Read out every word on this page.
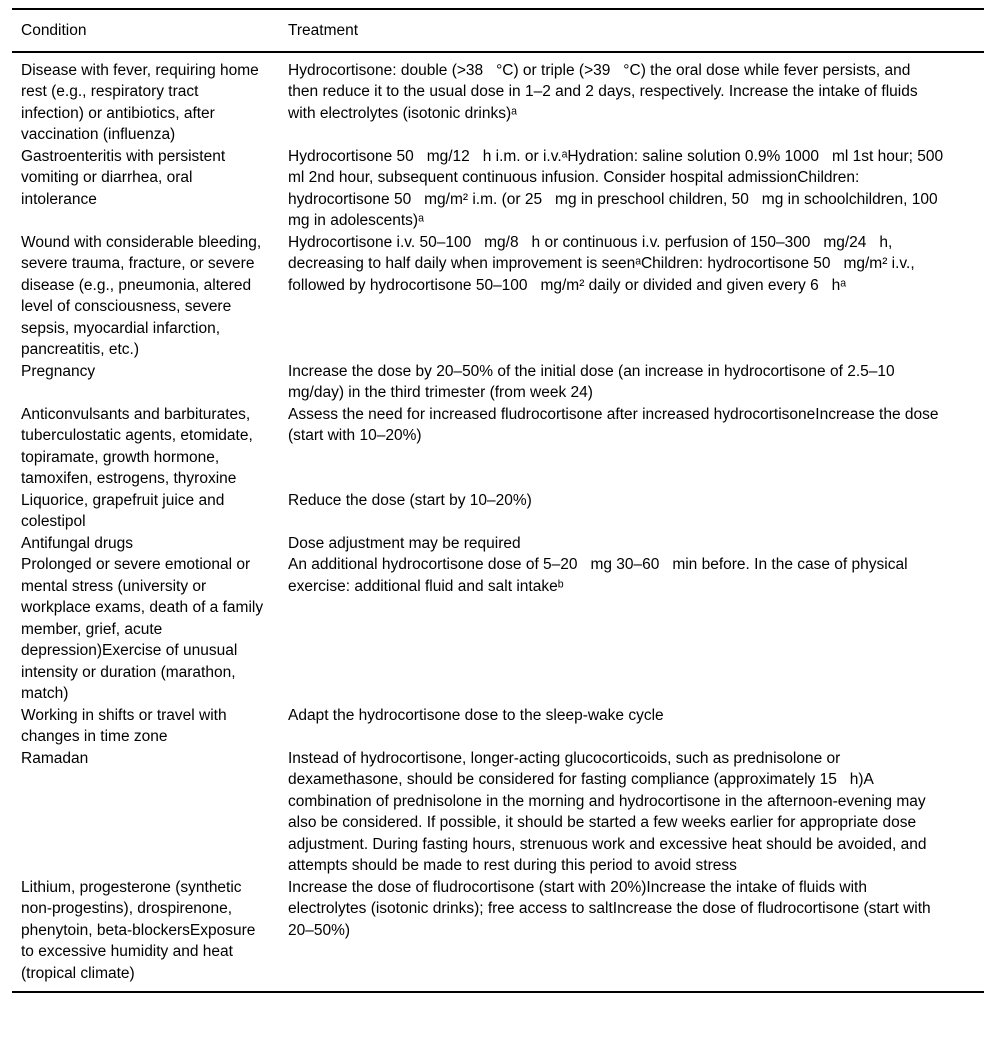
Condition	Treatment
Disease with fever, requiring home rest (e.g., respiratory tract infection) or antibiotics, after vaccination (influenza)	Hydrocortisone: double (>38   °C) or triple (>39   °C) the oral dose while fever persists, and then reduce it to the usual dose in 1–2 and 2 days, respectively. Increase the intake of fluids with electrolytes (isotonic drinks)ᵃ
Gastroenteritis with persistent vomiting or diarrhea, oral intolerance	Hydrocortisone 50   mg/12   h i.m. or i.v.ᵃHydration: saline solution 0.9% 1000   ml 1st hour; 500   ml 2nd hour, subsequent continuous infusion. Consider hospital admissionChildren: hydrocortisone 50   mg/m² i.m. (or 25   mg in preschool children, 50   mg in schoolchildren, 100   mg in adolescents)ᵃ
Wound with considerable bleeding, severe trauma, fracture, or severe disease (e.g., pneumonia, altered level of consciousness, severe sepsis, myocardial infarction, pancreatitis, etc.)	Hydrocortisone i.v. 50–100   mg/8   h or continuous i.v. perfusion of 150–300   mg/24   h, decreasing to half daily when improvement is seenᵃChildren: hydrocortisone 50   mg/m² i.v., followed by hydrocortisone 50–100   mg/m² daily or divided and given every 6   hᵃ
Pregnancy	Increase the dose by 20–50% of the initial dose (an increase in hydrocortisone of 2.5–10   mg/day) in the third trimester (from week 24)
Anticonvulsants and barbiturates, tuberculostatic agents, etomidate, topiramate, growth hormone, tamoxifen, estrogens, thyroxine	Assess the need for increased fludrocortisone after increased hydrocortisoneIncrease the dose (start with 10–20%)
Liquorice, grapefruit juice and colestipol	Reduce the dose (start by 10–20%)
Antifungal drugs	Dose adjustment may be required
Prolonged or severe emotional or mental stress (university or workplace exams, death of a family member, grief, acute depression)Exercise of unusual intensity or duration (marathon, match)	An additional hydrocortisone dose of 5–20   mg 30–60   min before. In the case of physical exercise: additional fluid and salt intakeᵇ
Working in shifts or travel with changes in time zone	Adapt the hydrocortisone dose to the sleep-wake cycle
Ramadan	Instead of hydrocortisone, longer-acting glucocorticoids, such as prednisolone or dexamethasone, should be considered for fasting compliance (approximately 15   h)A combination of prednisolone in the morning and hydrocortisone in the afternoon-evening may also be considered. If possible, it should be started a few weeks earlier for appropriate dose adjustment. During fasting hours, strenuous work and excessive heat should be avoided, and attempts should be made to rest during this period to avoid stress
Lithium, progesterone (synthetic non-progestins), drospirenone, phenytoin, beta-blockersExposure to excessive humidity and heat (tropical climate)	Increase the dose of fludrocortisone (start with 20%)Increase the intake of fluids with electrolytes (isotonic drinks); free access to saltIncrease the dose of fludrocortisone (start with 20–50%)
